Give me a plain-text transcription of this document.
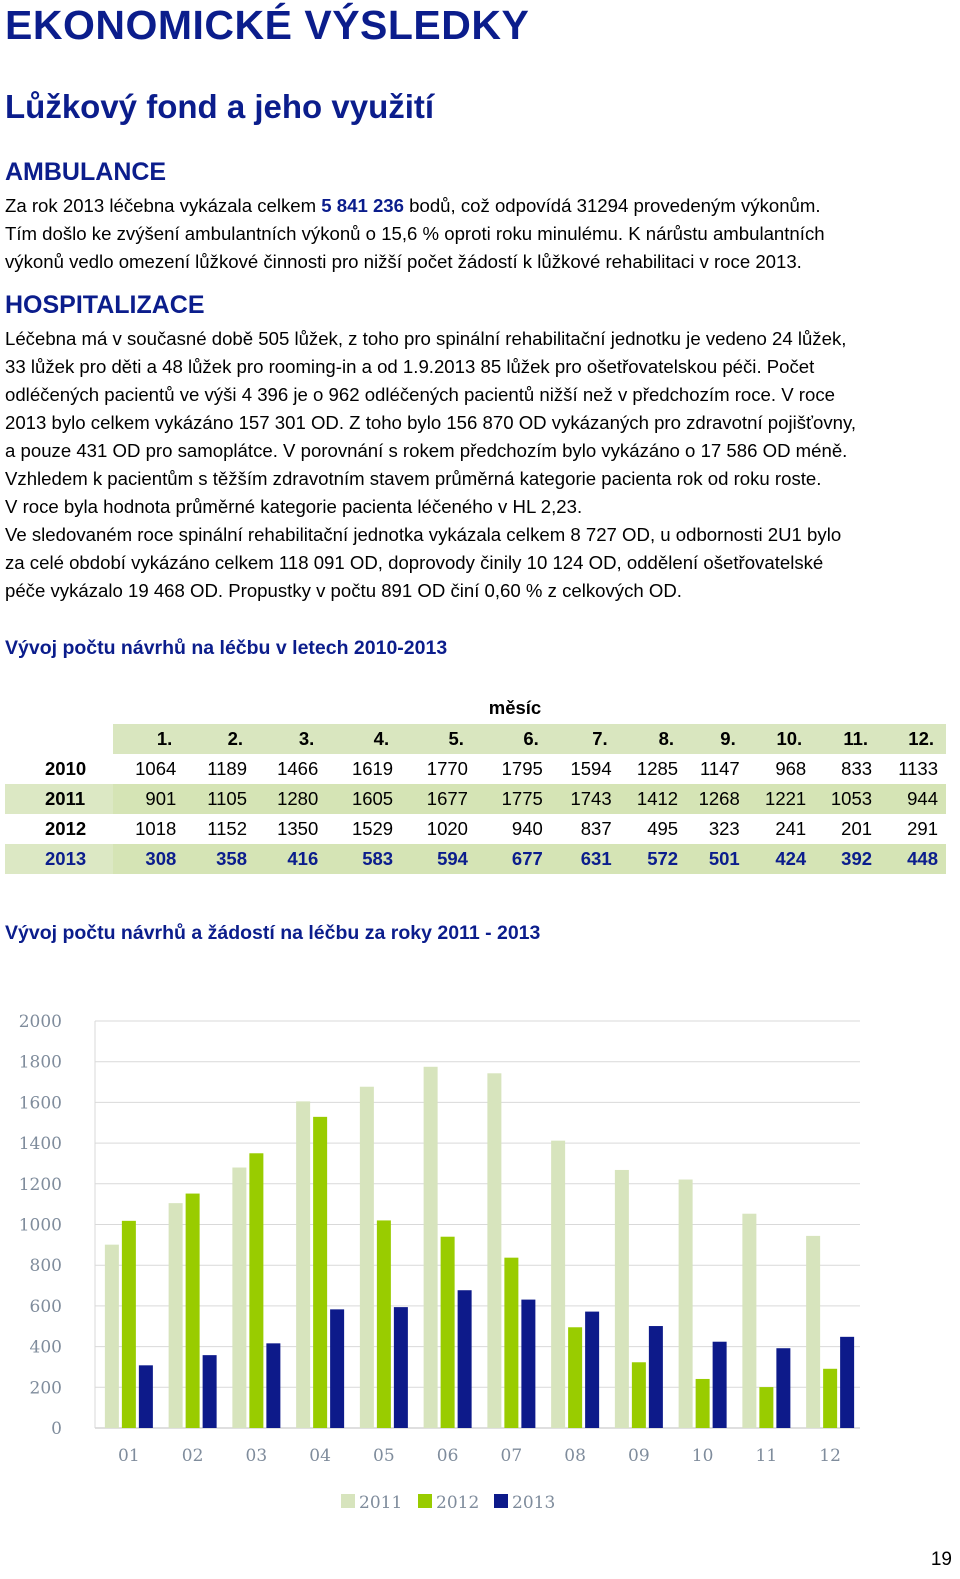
EKONOMICKÉ VÝSLEDKY
Lůžkový fond a jeho využití
AMBULANCE
Za rok 2013 léčebna vykázala celkem 5 841 236 bodů, což odpovídá 31294 provedeným výkonům.
Tím došlo ke zvýšení ambulantních výkonů o 15,6 % oproti roku minulému. K nárůstu ambulantních
výkonů vedlo omezení lůžkové činnosti pro nižší počet žádostí k lůžkové rehabilitaci v roce 2013.
HOSPITALIZACE
Léčebna má v současné době 505 lůžek, z toho pro spinální rehabilitační jednotku je vedeno 24 lůžek,
33 lůžek pro děti a 48 lůžek pro rooming-in a od 1.9.2013 85 lůžek pro ošetřovatelskou péči. Počet
odléčených pacientů ve výši 4 396 je o 962 odléčených pacientů nižší než v předchozím roce. V roce
2013 bylo celkem vykázáno 157 301 OD. Z toho bylo 156 870 OD vykázaných pro zdravotní pojišťovny,
a pouze 431 OD pro samoplátce. V porovnání s rokem předchozím bylo vykázáno o 17 586 OD méně.
Vzhledem k pacientům s těžším zdravotním stavem průměrná kategorie pacienta rok od roku roste.
V roce byla hodnota průměrné kategorie pacienta léčeného v HL 2,23.
Ve sledovaném roce spinální rehabilitační jednotka vykázala celkem 8 727 OD, u odbornosti 2U1 bylo
za celé období vykázáno celkem 118 091 OD, doprovody činily 10 124 OD, oddělení ošetřovatelské
péče vykázalo 19 468 OD. Propustky v počtu 891 OD činí 0,60 % z celkových OD.
Vývoj počtu návrhů na léčbu v letech 2010-2013
měsíc
	1.	2.	3.	4.	5.	6.	7.	8.	9.	10.	11.	12.
2010	1064	1189	1466	1619	1770	1795	1594	1285	1147	968	833	1133
2011	901	1105	1280	1605	1677	1775	1743	1412	1268	1221	1053	944
2012	1018	1152	1350	1529	1020	940	837	495	323	241	201	291
2013	308	358	416	583	594	677	631	572	501	424	392	448
Vývoj počtu návrhů a žádostí na léčbu za roky 2011 - 2013
0
200
400
600
800
1000
1200
1400
1600
1800
2000
01 02 03 04 05 06 07 08 09 10 11 12
2011 2012 2013
19
